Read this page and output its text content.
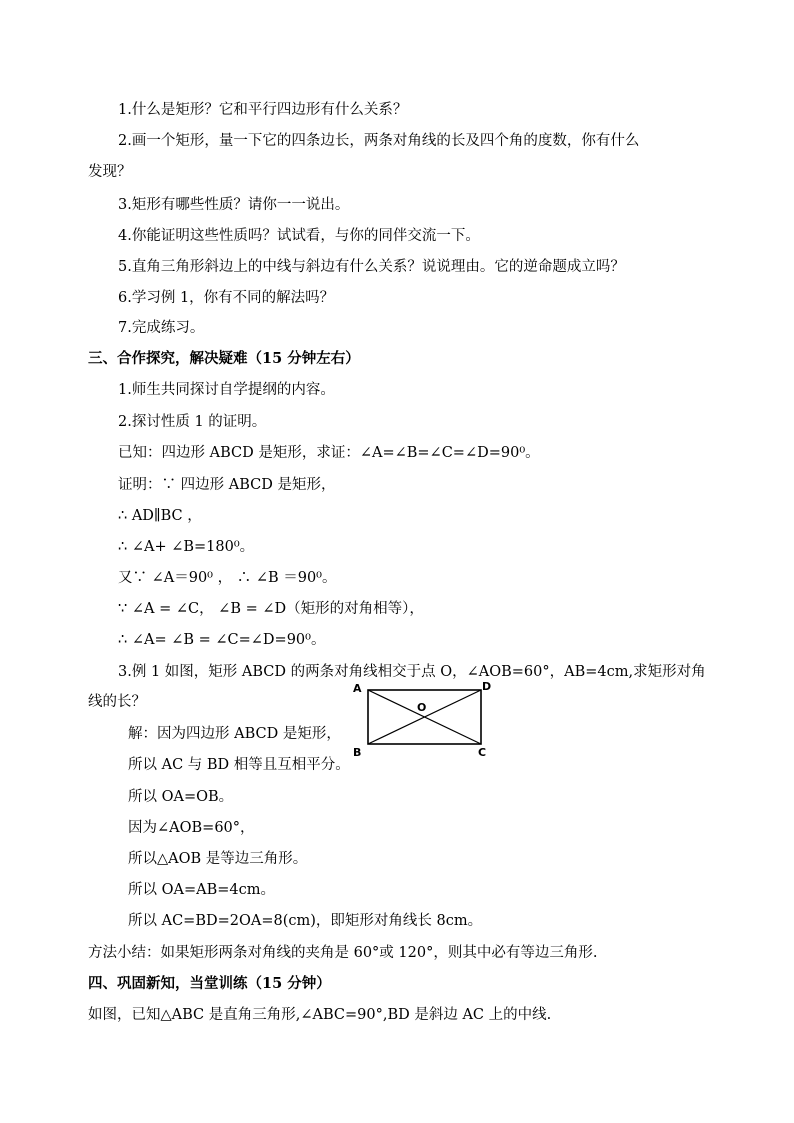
1.什么是矩形？它和平行四边形有什么关系？
2.画一个矩形，量一下它的四条边长，两条对角线的长及四个角的度数，你有什么
发现？
3.矩形有哪些性质？请你一一说出。
4.你能证明这些性质吗？试试看，与你的同伴交流一下。
5.直角三角形斜边上的中线与斜边有什么关系？说说理由。它的逆命题成立吗？
6.学习例 1，你有不同的解法吗？
7.完成练习。
三、合作探究，解决疑难（15 分钟左右）
1.师生共同探讨自学提纲的内容。
2.探讨性质 1 的证明。
已知：四边形 ABCD 是矩形，求证：∠A=∠B=∠C=∠D=90⁰。
证明：∵ 四边形 ABCD 是矩形，
∴ AD∥BC ，
∴ ∠A+ ∠B=180⁰。
又∵ ∠A＝90⁰ ， ∴ ∠B ＝90⁰。
∵ ∠A = ∠C， ∠B = ∠D（矩形的对角相等），
∴ ∠A= ∠B = ∠C=∠D=90⁰。
3.例 1 如图，矩形 ABCD 的两条对角线相交于点 O，∠AOB=60°，AB=4cm,求矩形对角
线的长？
A	D
B	C
O
解：因为四边形 ABCD 是矩形，
所以 AC 与 BD 相等且互相平分。
所以 OA=OB。
因为∠AOB=60°，
所以△AOB 是等边三角形。
所以 OA=AB=4cm。
所以 AC=BD=2OA=8(cm)，即矩形对角线长 8cm。
方法小结：如果矩形两条对角线的夹角是 60°或 120°，则其中必有等边三角形.
四、巩固新知，当堂训练（15 分钟）
如图，已知△ABC 是直角三角形,∠ABC=90°,BD 是斜边 AC 上的中线.
